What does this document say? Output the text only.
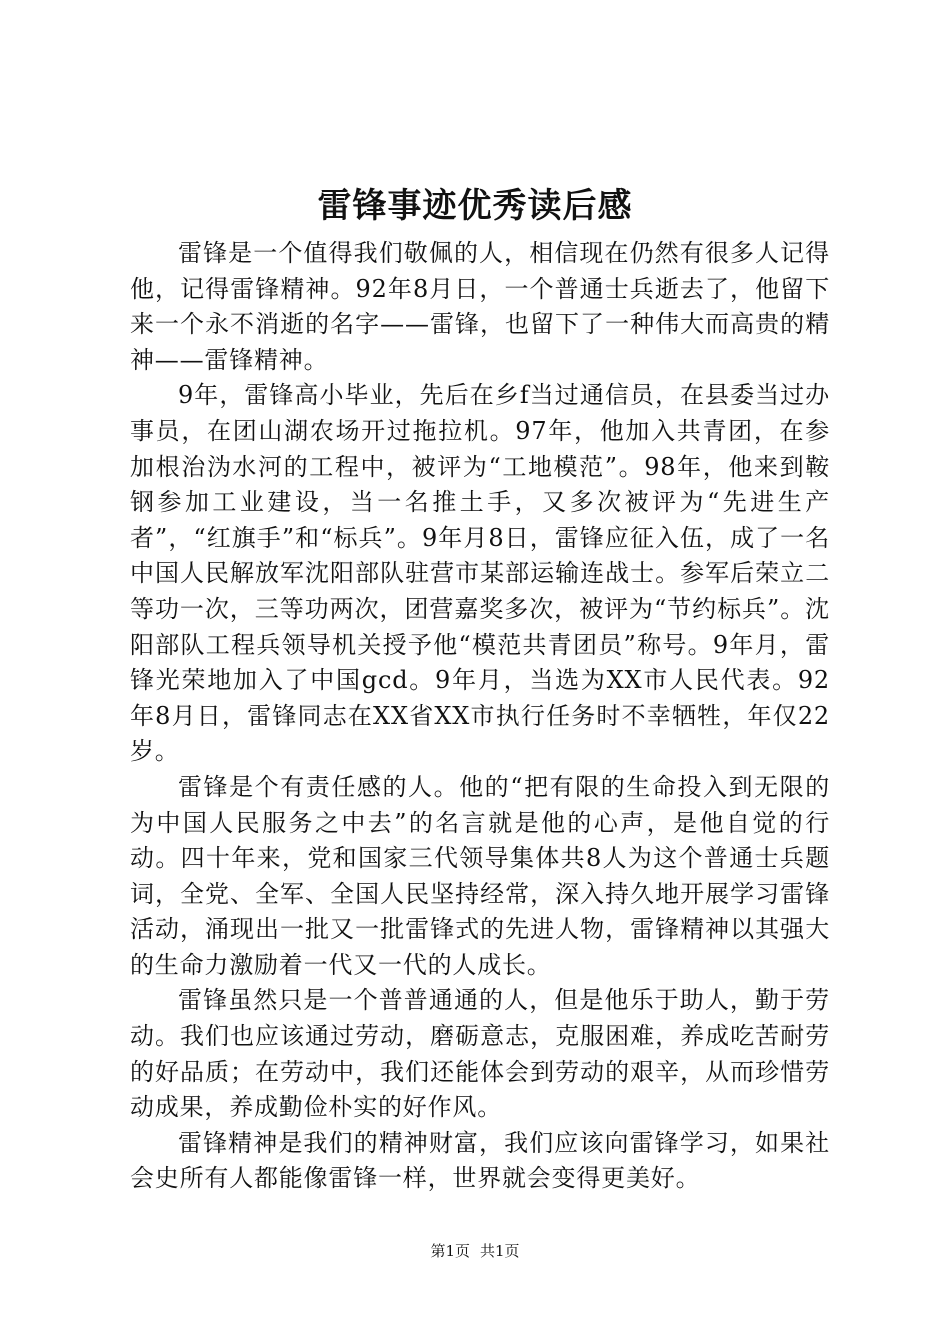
雷锋事迹优秀读后感

雷锋是一个值得我们敬佩的人，相信现在仍然有很多人记得他，记得雷锋精神。92年8月日，一个普通士兵逝去了，他留下来一个永不消逝的名字——雷锋，也留下了一种伟大而高贵的精神——雷锋精神。

9年，雷锋高小毕业，先后在乡f当过通信员，在县委当过办事员，在团山湖农场开过拖拉机。97年，他加入共青团，在参加根治沩水河的工程中，被评为“工地模范”。98年，他来到鞍钢参加工业建设，当一名推土手，又多次被评为“先进生产者”，“红旗手”和“标兵”。9年月8日，雷锋应征入伍，成了一名中国人民解放军沈阳部队驻营市某部运输连战士。参军后荣立二等功一次，三等功两次，团营嘉奖多次，被评为“节约标兵”。沈阳部队工程兵领导机关授予他“模范共青团员”称号。9年月，雷锋光荣地加入了中国gcd。9年月，当选为XX市人民代表。92年8月日，雷锋同志在XX省XX市执行任务时不幸牺牲，年仅22岁。

雷锋是个有责任感的人。他的“把有限的生命投入到无限的为中国人民服务之中去”的名言就是他的心声，是他自觉的行动。四十年来，党和国家三代领导集体共8人为这个普通士兵题词，全党、全军、全国人民坚持经常，深入持久地开展学习雷锋活动，涌现出一批又一批雷锋式的先进人物，雷锋精神以其强大的生命力激励着一代又一代的人成长。

雷锋虽然只是一个普普通通的人，但是他乐于助人，勤于劳动。我们也应该通过劳动，磨砺意志，克服困难，养成吃苦耐劳的好品质；在劳动中，我们还能体会到劳动的艰辛，从而珍惜劳动成果，养成勤俭朴实的好作风。

雷锋精神是我们的精神财富，我们应该向雷锋学习，如果社会史所有人都能像雷锋一样，世界就会变得更美好。

第1页 共1页
